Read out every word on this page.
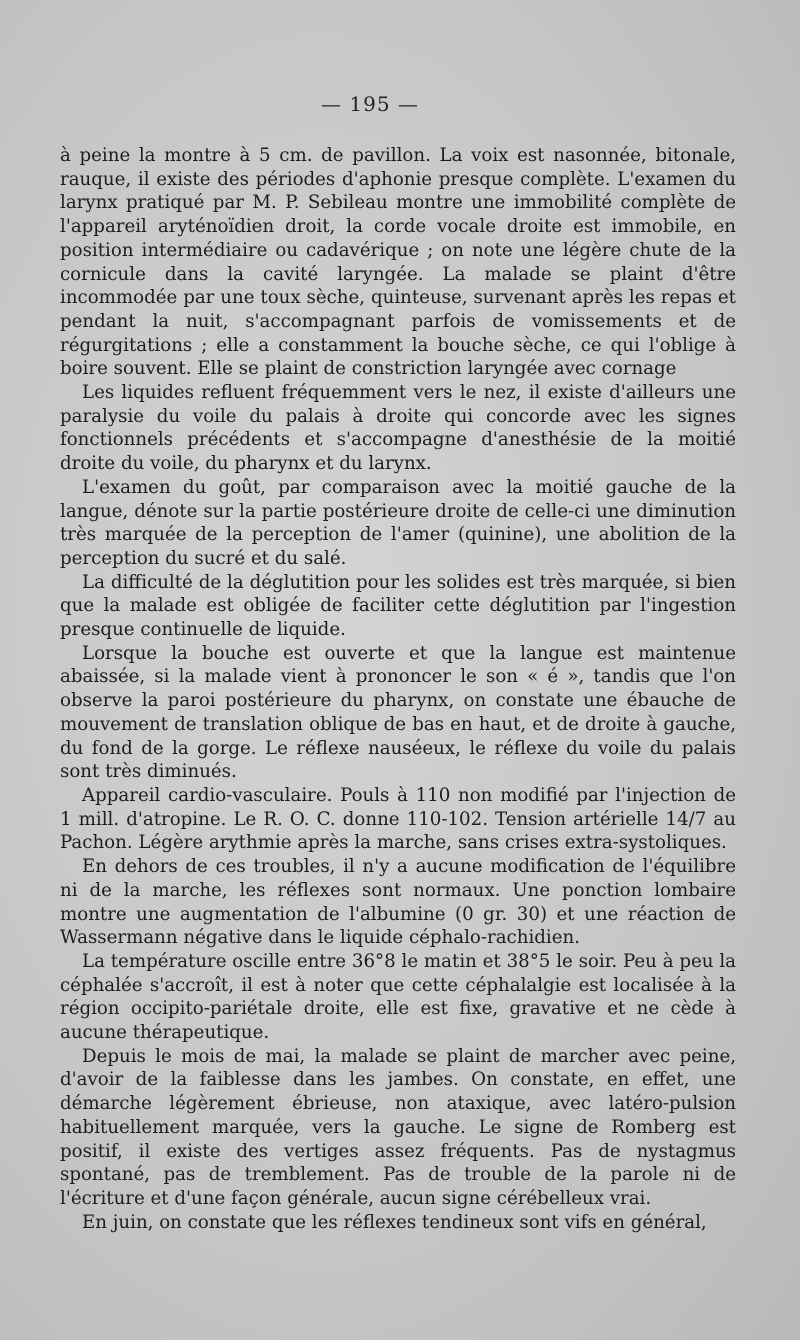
— 195 —

à peine la montre à 5 cm. de pavillon. La voix est nasonnée, bitonale, rauque, il existe des périodes d'aphonie presque complète. L'examen du larynx pratiqué par M. P. Sebileau montre une immobilité complète de l'appareil aryténoïdien droit, la corde vocale droite est immobile, en position intermédiaire ou cadavérique ; on note une légère chute de la cornicule dans la cavité laryngée. La malade se plaint d'être incommodée par une toux sèche, quinteuse, survenant après les repas et pendant la nuit, s'accompagnant parfois de vomissements et de régurgitations ; elle a constamment la bouche sèche, ce qui l'oblige à boire souvent. Elle se plaint de constriction laryngée avec cornage

Les liquides refluent fréquemment vers le nez, il existe d'ailleurs une paralysie du voile du palais à droite qui concorde avec les signes fonctionnels précédents et s'accompagne d'anesthésie de la moitié droite du voile, du pharynx et du larynx.

L'examen du goût, par comparaison avec la moitié gauche de la langue, dénote sur la partie postérieure droite de celle-ci une diminution très marquée de la perception de l'amer (quinine), une abolition de la perception du sucré et du salé.

La difficulté de la déglutition pour les solides est très marquée, si bien que la malade est obligée de faciliter cette déglutition par l'ingestion presque continuelle de liquide.

Lorsque la bouche est ouverte et que la langue est maintenue abaissée, si la malade vient à prononcer le son « é », tandis que l'on observe la paroi postérieure du pharynx, on constate une ébauche de mouvement de translation oblique de bas en haut, et de droite à gauche, du fond de la gorge. Le réflexe nauséeux, le réflexe du voile du palais sont très diminués.

Appareil cardio-vasculaire. Pouls à 110 non modifié par l'injection de 1 mill. d'atropine. Le R. O. C. donne 110-102. Tension artérielle 14/7 au Pachon. Légère arythmie après la marche, sans crises extra-systoliques.

En dehors de ces troubles, il n'y a aucune modification de l'équilibre ni de la marche, les réflexes sont normaux. Une ponction lombaire montre une augmentation de l'albumine (0 gr. 30) et une réaction de Wassermann négative dans le liquide céphalo-rachidien.

La température oscille entre 36°8 le matin et 38°5 le soir. Peu à peu la céphalée s'accroît, il est à noter que cette céphalalgie est localisée à la région occipito-pariétale droite, elle est fixe, gravative et ne cède à aucune thérapeutique.

Depuis le mois de mai, la malade se plaint de marcher avec peine, d'avoir de la faiblesse dans les jambes. On constate, en effet, une démarche légèrement ébrieuse, non ataxique, avec latéro-pulsion habituellement marquée, vers la gauche. Le signe de Romberg est positif, il existe des vertiges assez fréquents. Pas de nystagmus spontané, pas de tremblement. Pas de trouble de la parole ni de l'écriture et d'une façon générale, aucun signe cérébelleux vrai.

En juin, on constate que les réflexes tendineux sont vifs en général,
